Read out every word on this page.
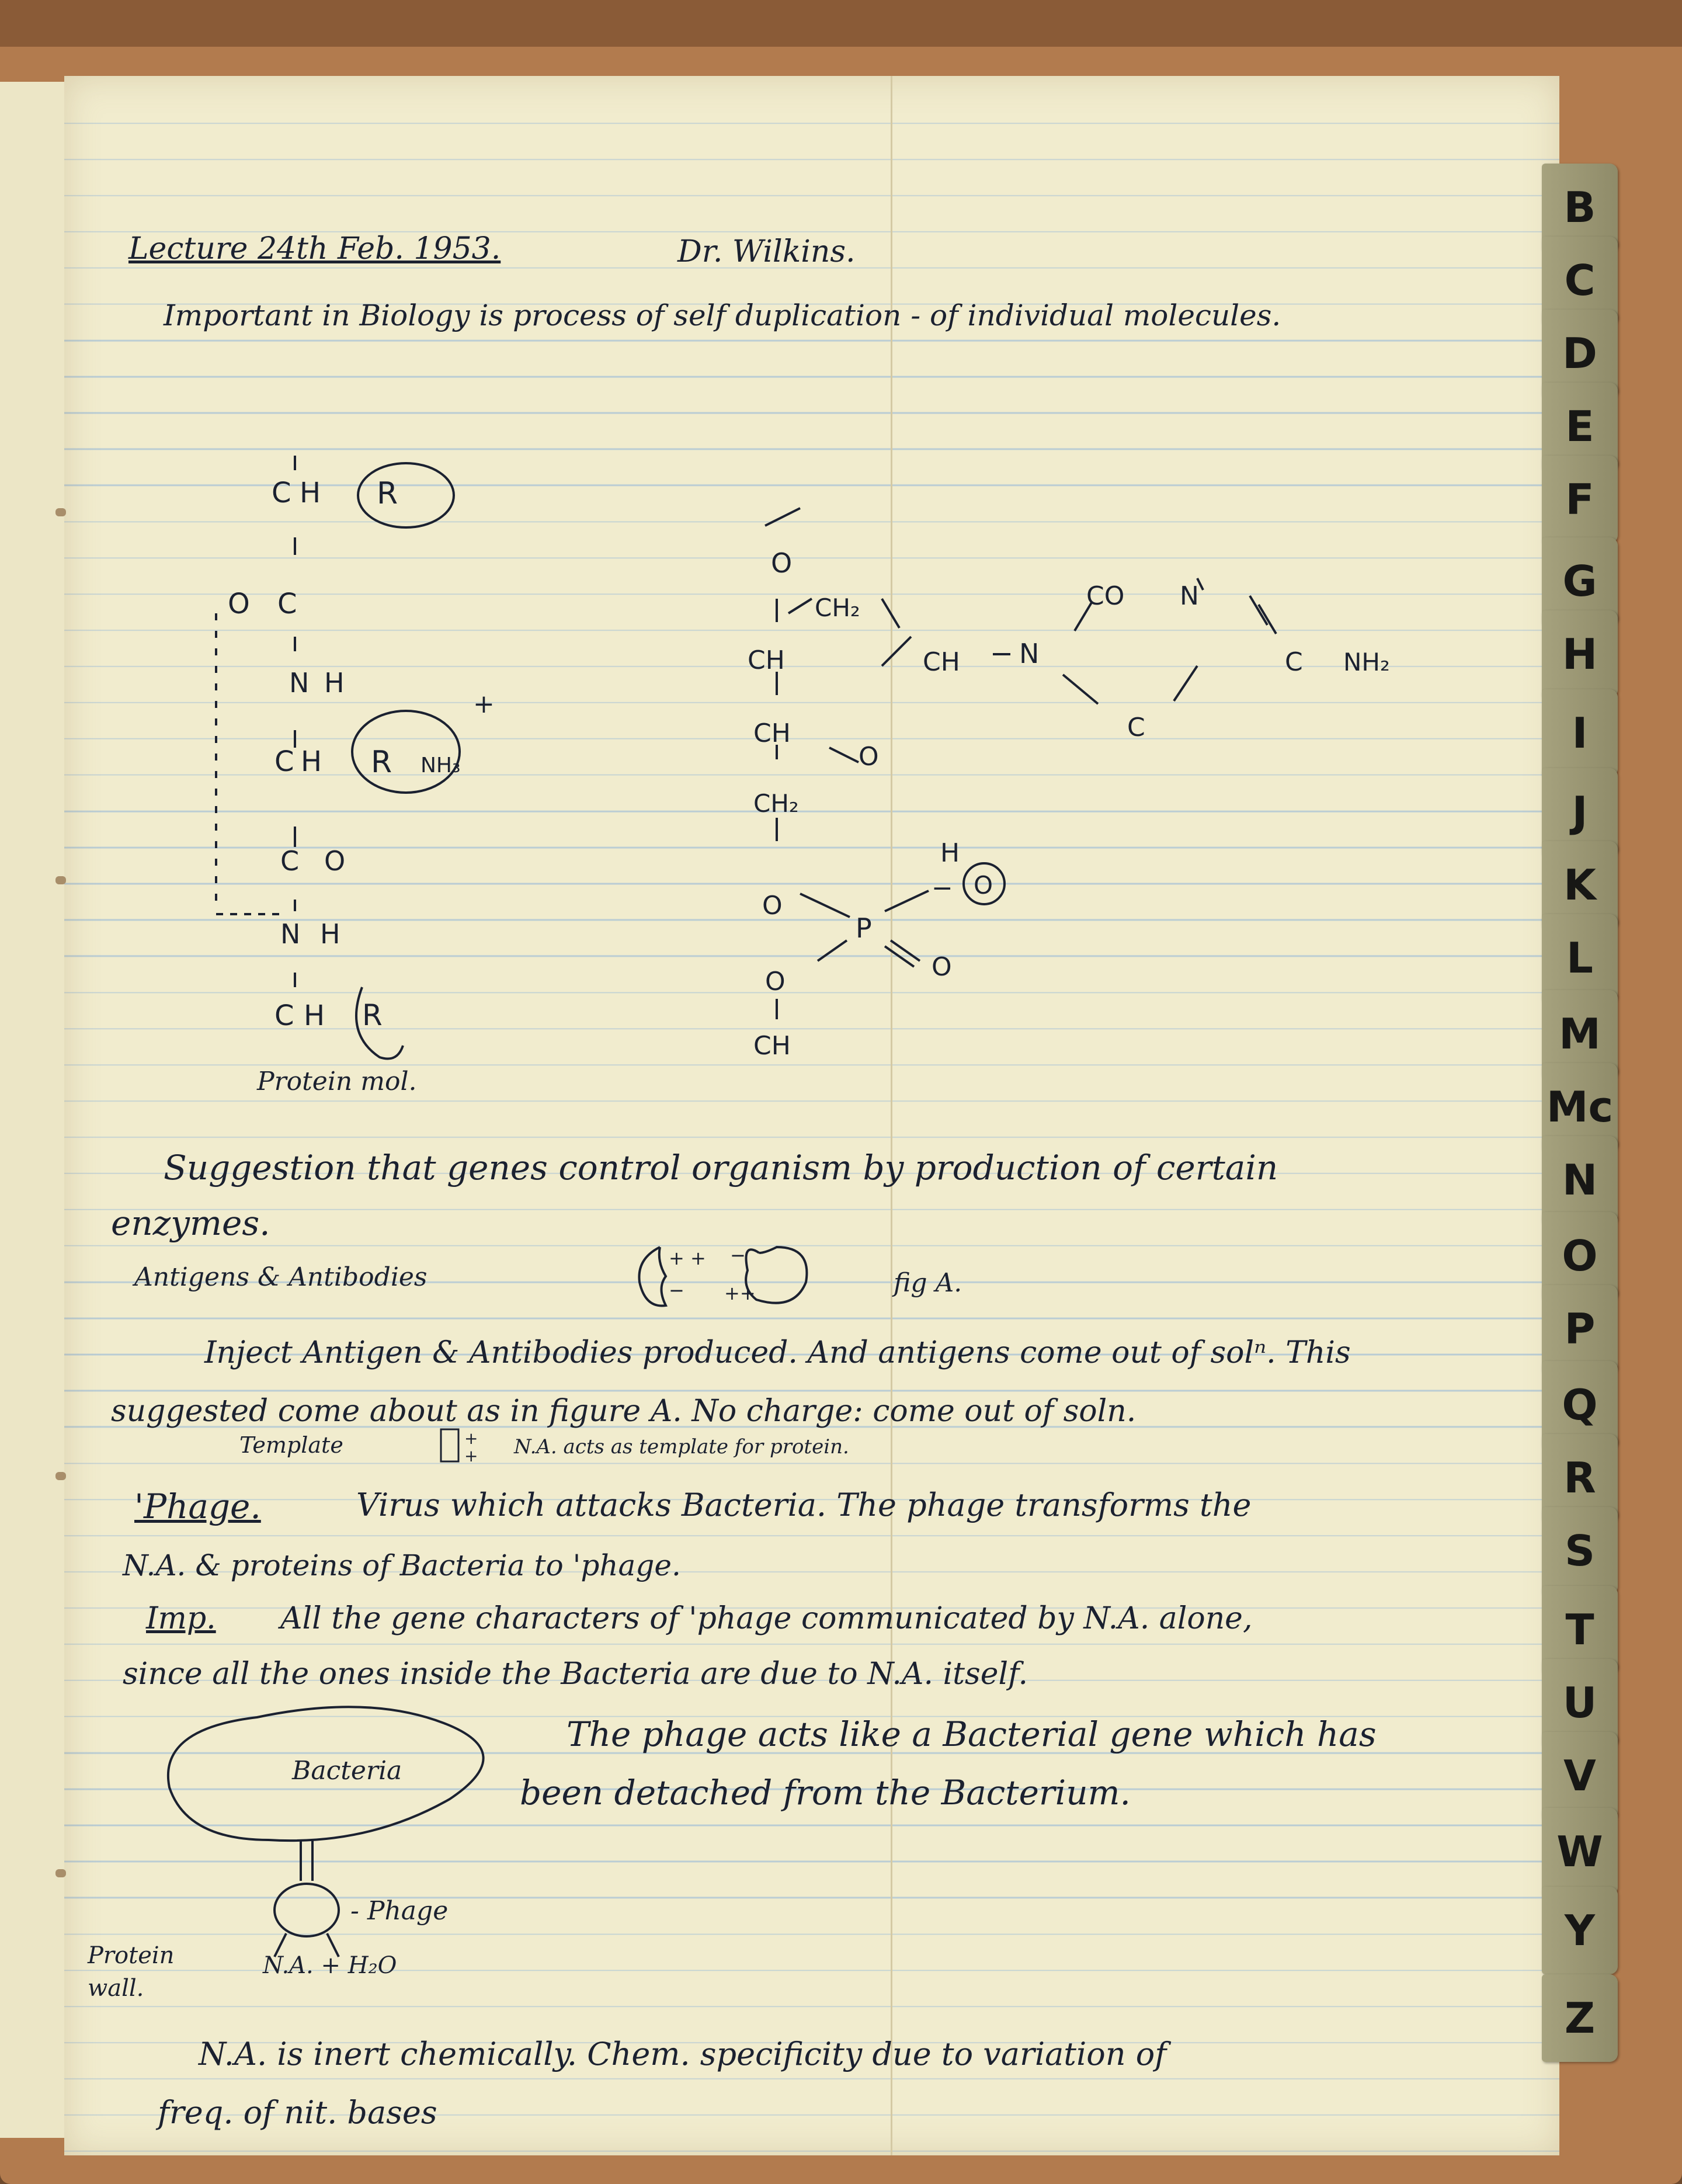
Lecture 24th Feb. 1953.	Dr. Wilkins.
Important in Biology is process of self duplication - of individual molecules.
C H R
O C
N H
C H R NH₃
+
C O
N H
C H R
Protein mol.
O
CH₂
CH	CH N
CO N
C NH₂
C
CH
O
CH₂
O
P
O
H
−
O
O
CH
Suggestion that genes control organism by production of certain
enzymes.
Antigens & Antibodies
+ +
−
−
++	fig A.
Inject Antigen & Antibodies produced. And antigens come out of solⁿ. This
suggested come about as in figure A. No charge: come out of soln.
Template	+
+ N.A. acts as template for protein.
'Phage.	Virus which attacks Bacteria. The phage transforms the
N.A. & proteins of Bacteria to 'phage.
Imp. All the gene characters of 'phage communicated by N.A. alone,
since all the ones inside the Bacteria are due to N.A. itself.
The phage acts like a Bacterial gene which has
been detached from the Bacterium.
Bacteria
- Phage
Protein wall.
N.A. + H₂O
N.A. is inert chemically. Chem. specificity due to variation of
freq. of nit. bases
B
C
D
E
F
G
H
I
J
K
L
M
Mc
N
O
P
Q
R
S
T
U
V
W
Y
Z
